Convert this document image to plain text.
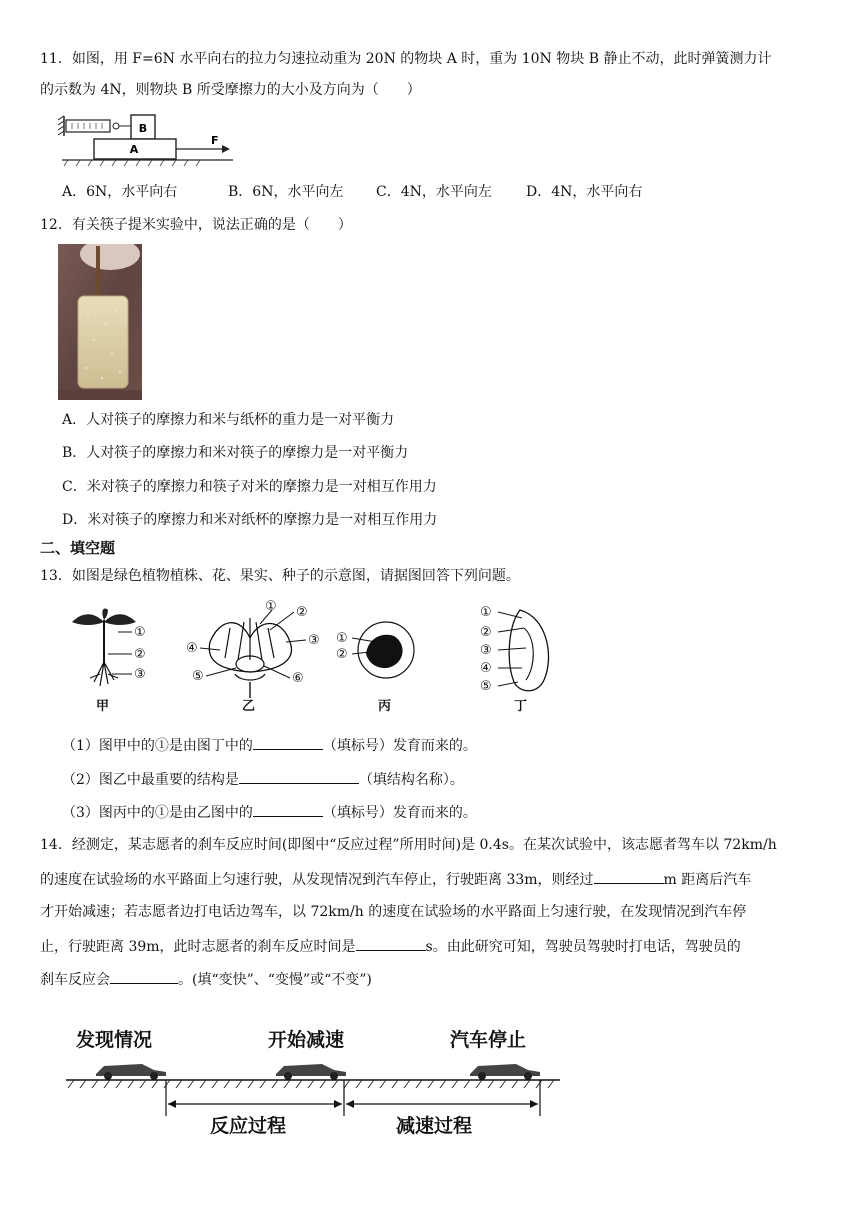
11．如图，用 F=6N 水平向右的拉力匀速拉动重为 20N 的物块 A 时，重为 10N 物块 B 静止不动，此时弹簧测力计
的示数为 4N，则物块 B 所受摩擦力的大小及方向为（　　）
B
A
F
A．6N，水平向右	B．6N，水平向左 C．4N，水平向左 D．4N，水平向右
12．有关筷子提米实验中，说法正确的是（　　）
A．人对筷子的摩擦力和米与纸杯的重力是一对平衡力
B．人对筷子的摩擦力和米对筷子的摩擦力是一对平衡力
C．米对筷子的摩擦力和筷子对米的摩擦力是一对相互作用力
D．米对筷子的摩擦力和米对纸杯的摩擦力是一对相互作用力
二、填空题
13．如图是绿色植物植株、花、果实、种子的示意图，请据图回答下列问题。
①
②
③
甲
① ②
③
④
⑤	⑥
乙
①
②
丙
①
②
③
④
⑤
丁
（1）图甲中的①是由图丁中的	（填标号）发育而来的。
（2）图乙中最重要的结构是	（填结构名称）。
（3）图丙中的①是由乙图中的	（填标号）发育而来的。
14．经测定，某志愿者的刹车反应时间(即图中“反应过程”所用时间)是 0.4s。在某次试验中，该志愿者驾车以 72km/h
的速度在试验场的水平路面上匀速行驶，从发现情况到汽车停止，行驶距离 33m，则经过	m 距离后汽车
才开始减速；若志愿者边打电话边驾车，以 72km/h 的速度在试验场的水平路面上匀速行驶，在发现情况到汽车停
止，行驶距离 39m，此时志愿者的刹车反应时间是	s。由此研究可知，驾驶员驾驶时打电话，驾驶员的
刹车反应会	。(填“变快”、“变慢”或“不变”)
发现情况	开始减速	汽车停止
反应过程	减速过程
